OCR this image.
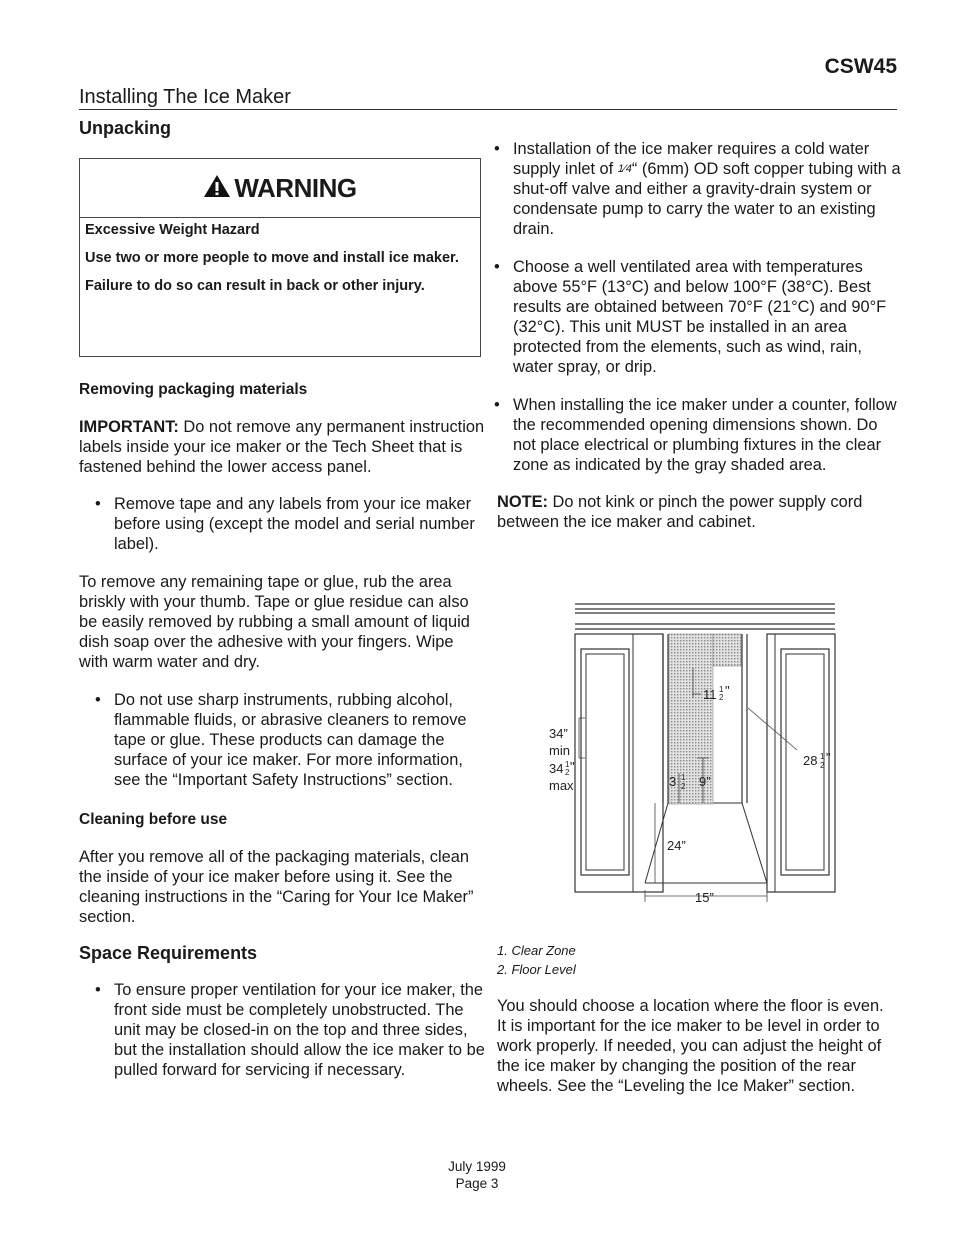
CSW45
Installing The Ice Maker
Unpacking
WARNING

Excessive Weight Hazard

Use two or more people to move and install ice maker.

Failure to do so can result in back or other injury.

Removing packaging materials

IMPORTANT: Do not remove any permanent instruction labels inside your ice maker or the Tech Sheet that is fastened behind the lower access panel.

• Remove tape and any labels from your ice maker before using (except the model and serial number label).

To remove any remaining tape or glue, rub the area briskly with your thumb. Tape or glue residue can also be easily removed by rubbing a small amount of liquid dish soap over the adhesive with your fingers. Wipe with warm water and dry.

• Do not use sharp instruments, rubbing alcohol, flammable fluids, or abrasive cleaners to remove tape or glue. These products can damage the surface of your ice maker. For more information, see the “Important Safety Instructions” section.
Cleaning before use

After you remove all of the packaging materials, clean the inside of your ice maker before using it. See the cleaning instructions in the “Caring for Your Ice Maker” section.

Space Requirements
• To ensure proper ventilation for your ice maker, the front side must be completely unobstructed. The unit may be closed-in on the top and three sides, but the installation should allow the ice maker to be pulled forward for servicing if necessary.
• Installation of the ice maker requires a cold water supply inlet of 1⁄4“ (6mm) OD soft copper tubing with a shut-off valve and either a gravity-drain system or condensate pump to carry the water to an existing drain.
• Choose a well ventilated area with temperatures above 55°F (13°C) and below 100°F (38°C). Best results are obtained between 70°F (21°C) and 90°F (32°C). This unit MUST be installed in an area protected from the elements, such as wind, rain, water spray, or drip.
• When installing the ice maker under a counter, follow the recommended opening dimensions shown. Do not place electrical or plumbing fixtures in the clear zone as indicated by the gray shaded area.

NOTE: Do not kink or pinch the power supply cord between the ice maker and cabinet.

34”
min
34 1
2 "
max
11 1
2 "
28 1
2
"
3 1
2 9”
24”
15”
1. Clear Zone
2. Floor Level

You should choose a location where the floor is even. It is important for the ice maker to be level in order to work properly. If needed, you can adjust the height of the ice maker by changing the position of the rear wheels. See the “Leveling the Ice Maker” section.

July 1999
Page 3
